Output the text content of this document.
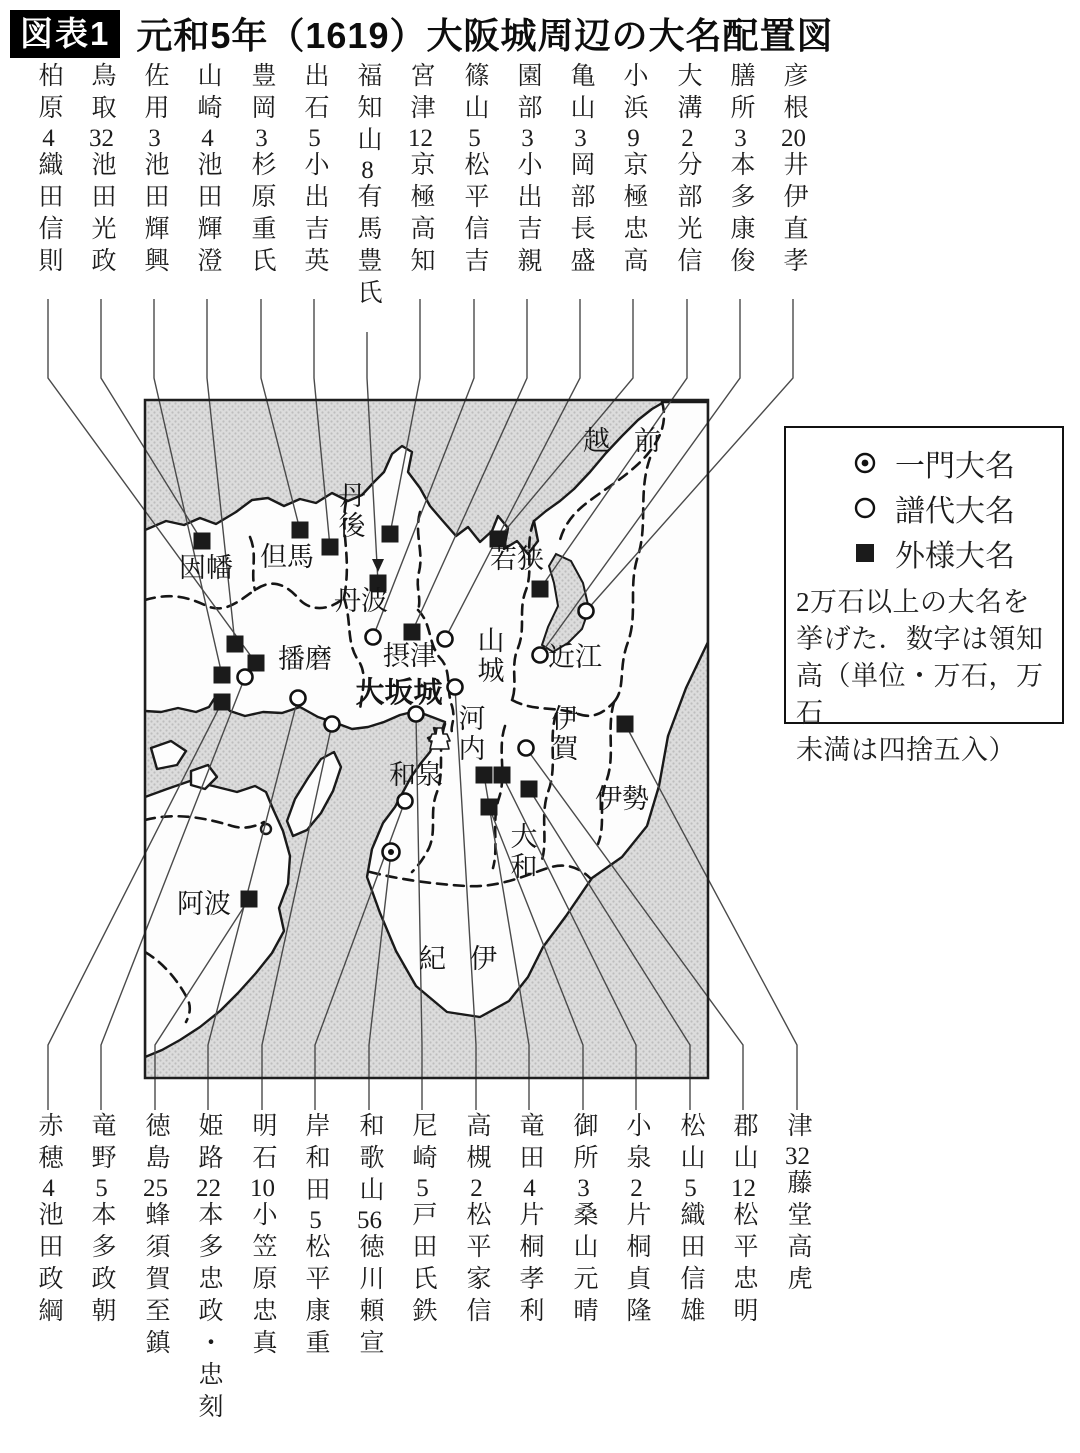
図表1 元和5年（1619）大阪城周辺の大名配置図
因幡 但馬
丹後
丹波
播磨 摂津 山城 近江
若狭
越前
河内
和泉
伊賀
伊勢
大和
阿波
紀伊
大坂城
彦根20井伊直孝
膳所3本多康俊
大溝2分部光信
小浜9京極忠高
亀山3岡部長盛
園部3小出吉親
篠山5松平信吉
宮津12京極高知
福知山8有馬豊氏
出石5小出吉英
豊岡3杉原重氏
山崎4池田輝澄
佐用3池田輝興
鳥取32池田光政
柏原4織田信則
津32藤堂高虎
郡山12松平忠明
松山5織田信雄
小泉2片桐貞隆
御所3桑山元晴
竜田4片桐孝利
高槻2松平家信
尼崎5戸田氏鉄
和歌山56徳川頼宣
岸和田5松平康重
明石10小笠原忠真
姫路22本多忠政・忠刻
徳島25蜂須賀至鎮
竜野5本多政朝
赤穂4池田政綱
一門大名
譜代大名
外様大名
2万石以上の大名を
挙げた．数字は領知
高（単位・万石，万石
未満は四捨五入）
